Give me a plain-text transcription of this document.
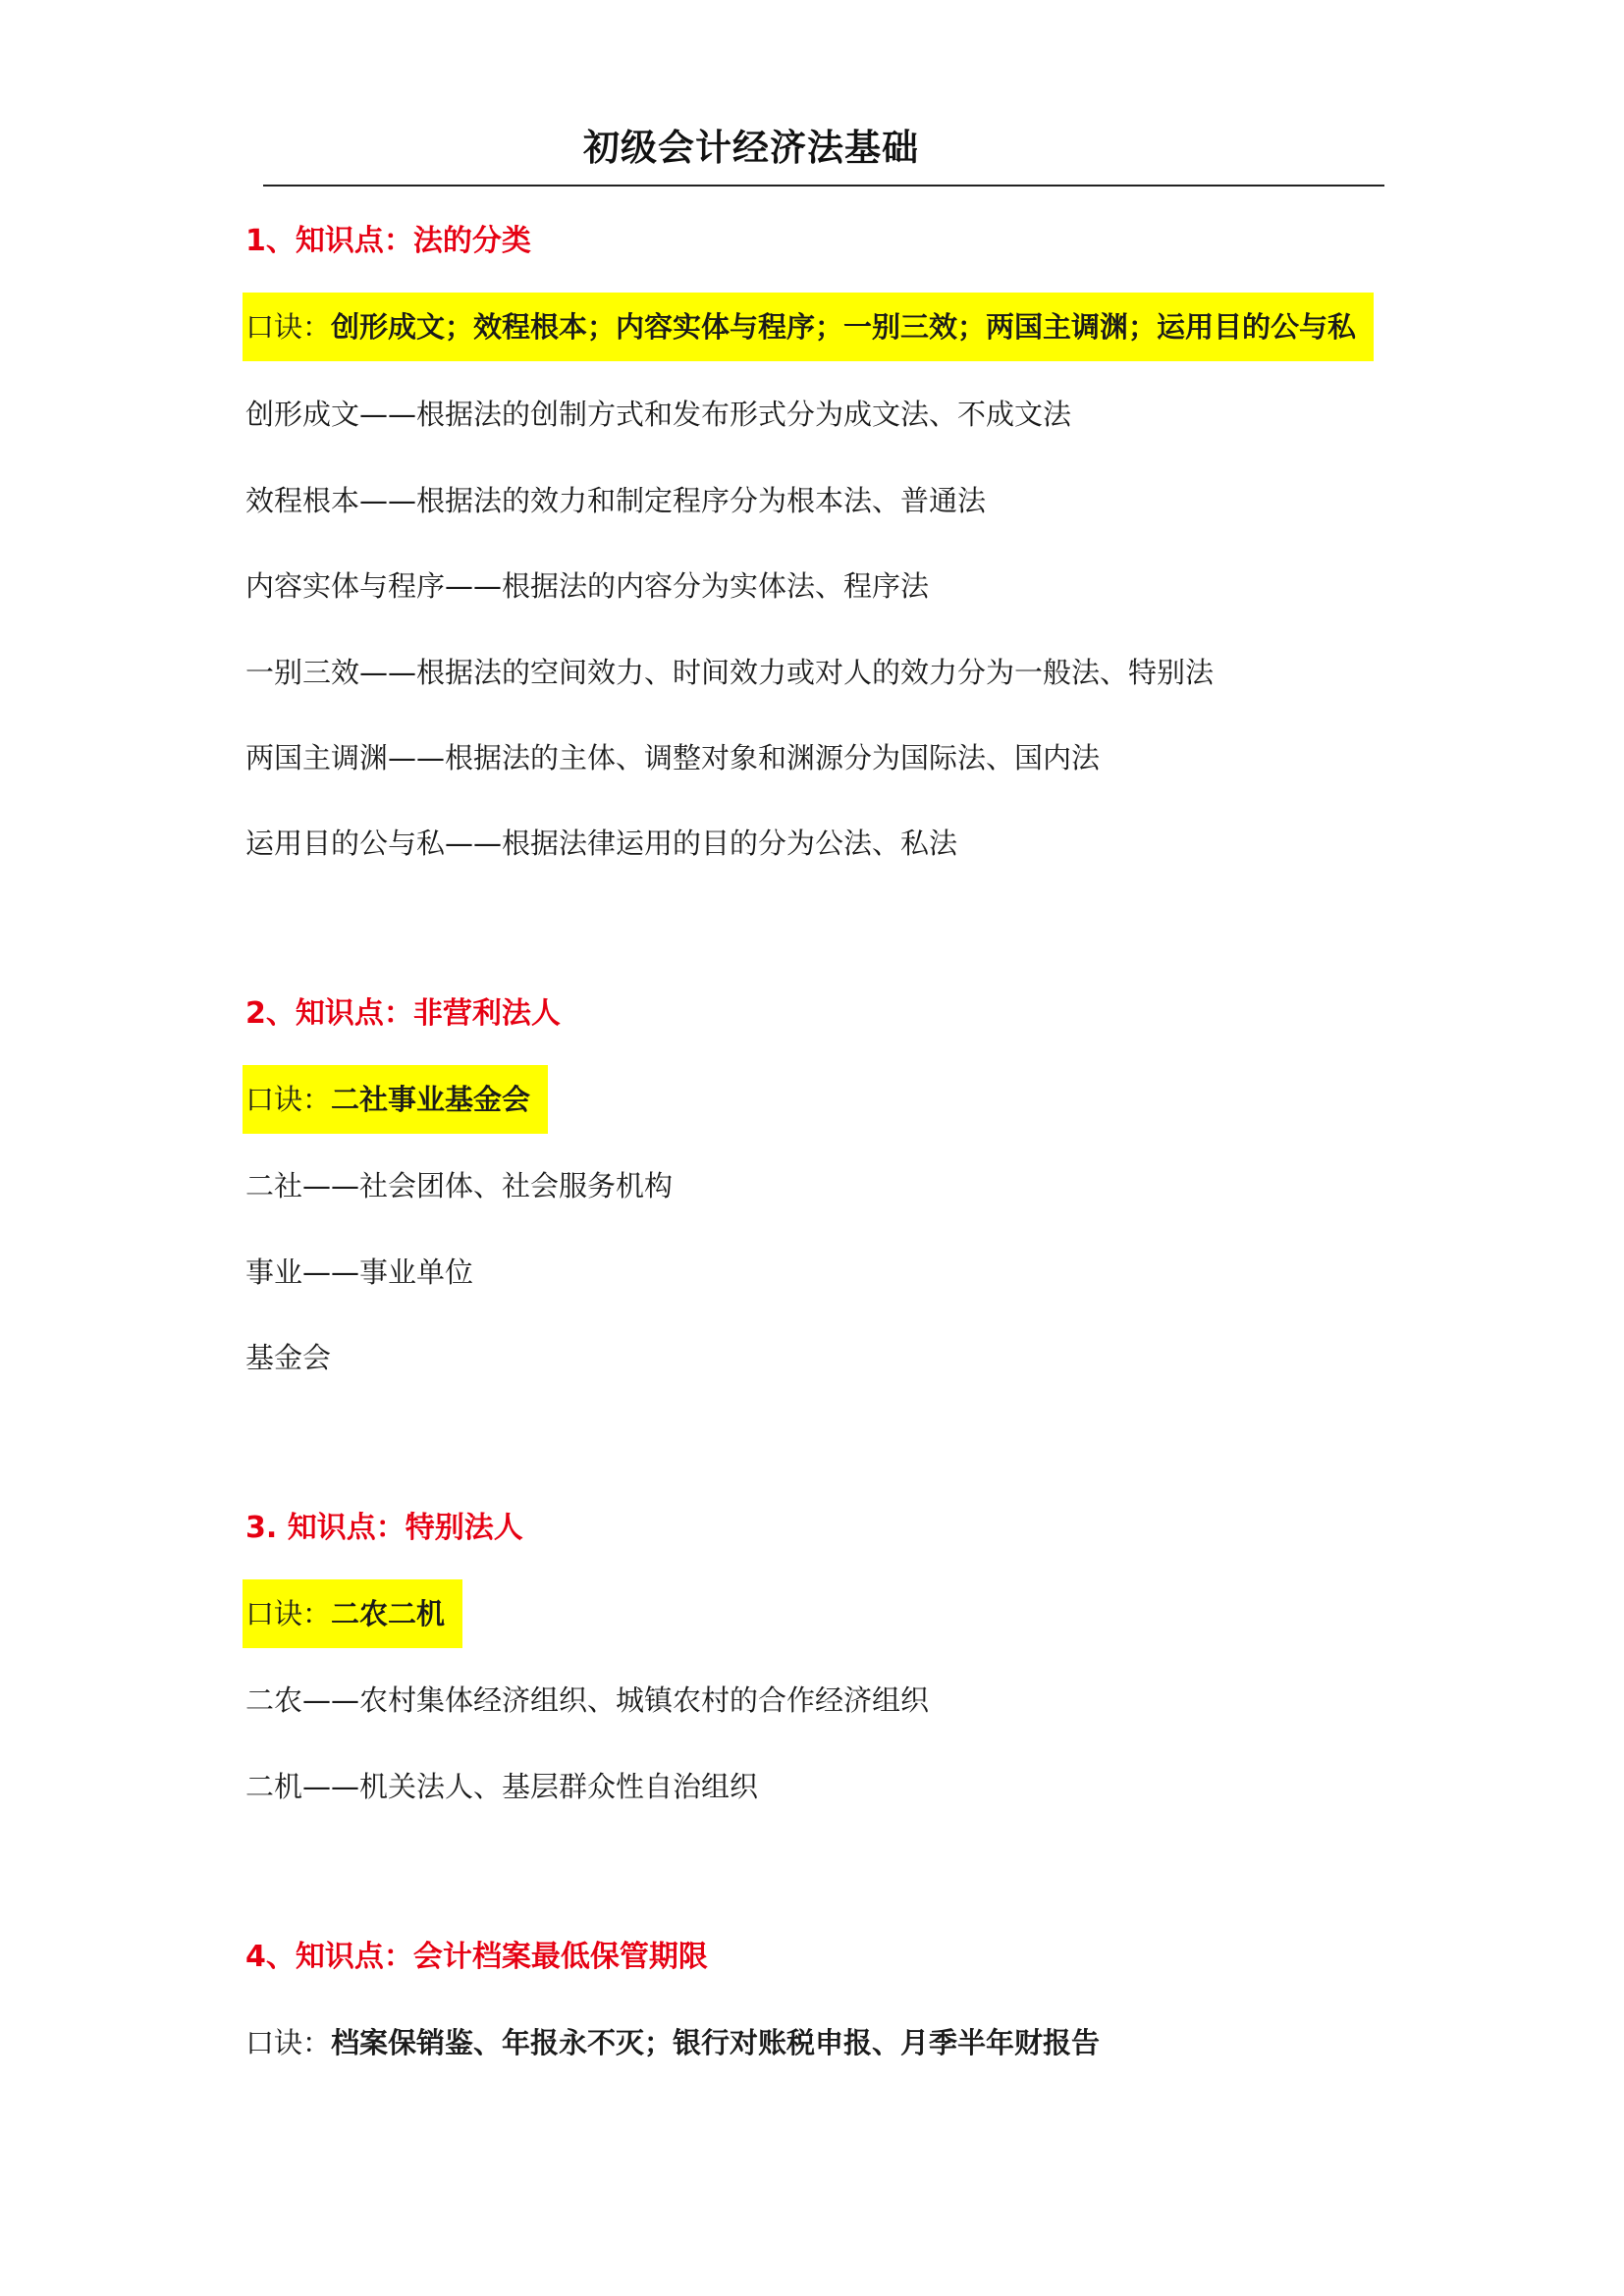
初级会计经济法基础
1、知识点：法的分类
口诀：创形成文；效程根本；内容实体与程序；一别三效；两国主调渊；运用目的公与私
创形成文——根据法的创制方式和发布形式分为成文法、不成文法
效程根本——根据法的效力和制定程序分为根本法、普通法
内容实体与程序——根据法的内容分为实体法、程序法
一别三效——根据法的空间效力、时间效力或对人的效力分为一般法、特别法
两国主调渊——根据法的主体、调整对象和渊源分为国际法、国内法
运用目的公与私——根据法律运用的目的分为公法、私法
2、知识点：非营利法人
口诀：二社事业基金会
二社——社会团体、社会服务机构
事业——事业单位
基金会
3. 知识点：特别法人
口诀：二农二机
二农——农村集体经济组织、城镇农村的合作经济组织
二机——机关法人、基层群众性自治组织
4、知识点：会计档案最低保管期限
口诀：档案保销鉴、年报永不灭；银行对账税申报、月季半年财报告
